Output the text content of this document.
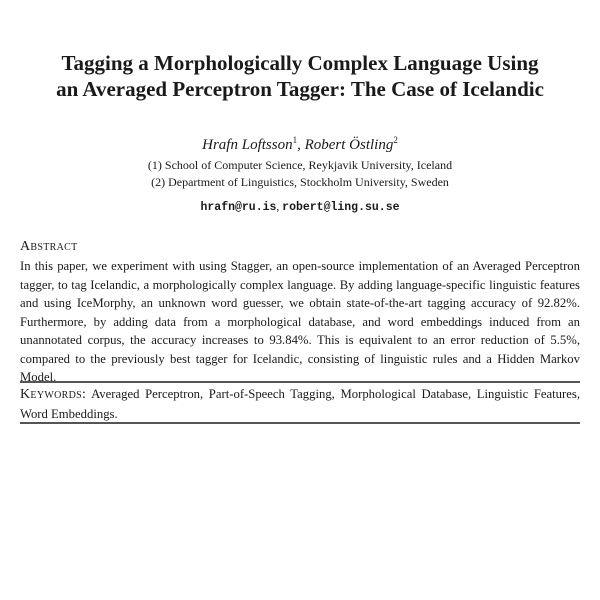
Tagging a Morphologically Complex Language Using
an Averaged Perceptron Tagger: The Case of Icelandic
Hrafn Loftsson$^1$, Robert Östling$^2$
(1) School of Computer Science, Reykjavik University, Iceland
(2) Department of Linguistics, Stockholm University, Sweden
hrafn@ru.is, robert@ling.su.se
Abstract
In this paper, we experiment with using Stagger, an open-source implementation of an Averaged Perceptron tagger, to tag Icelandic, a morphologically complex language. By adding language-specific linguistic features and using IceMorphy, an unknown word guesser, we obtain state-of-the-art tagging accuracy of 92.82%. Furthermore, by adding data from a morphological database, and word embeddings induced from an unannotated corpus, the accuracy increases to 93.84%. This is equivalent to an error reduction of 5.5%, compared to the previously best tagger for Icelandic, consisting of linguistic rules and a Hidden Markov Model.
Keywords: Averaged Perceptron, Part-of-Speech Tagging, Morphological Database, Linguistic Features, Word Embeddings.
